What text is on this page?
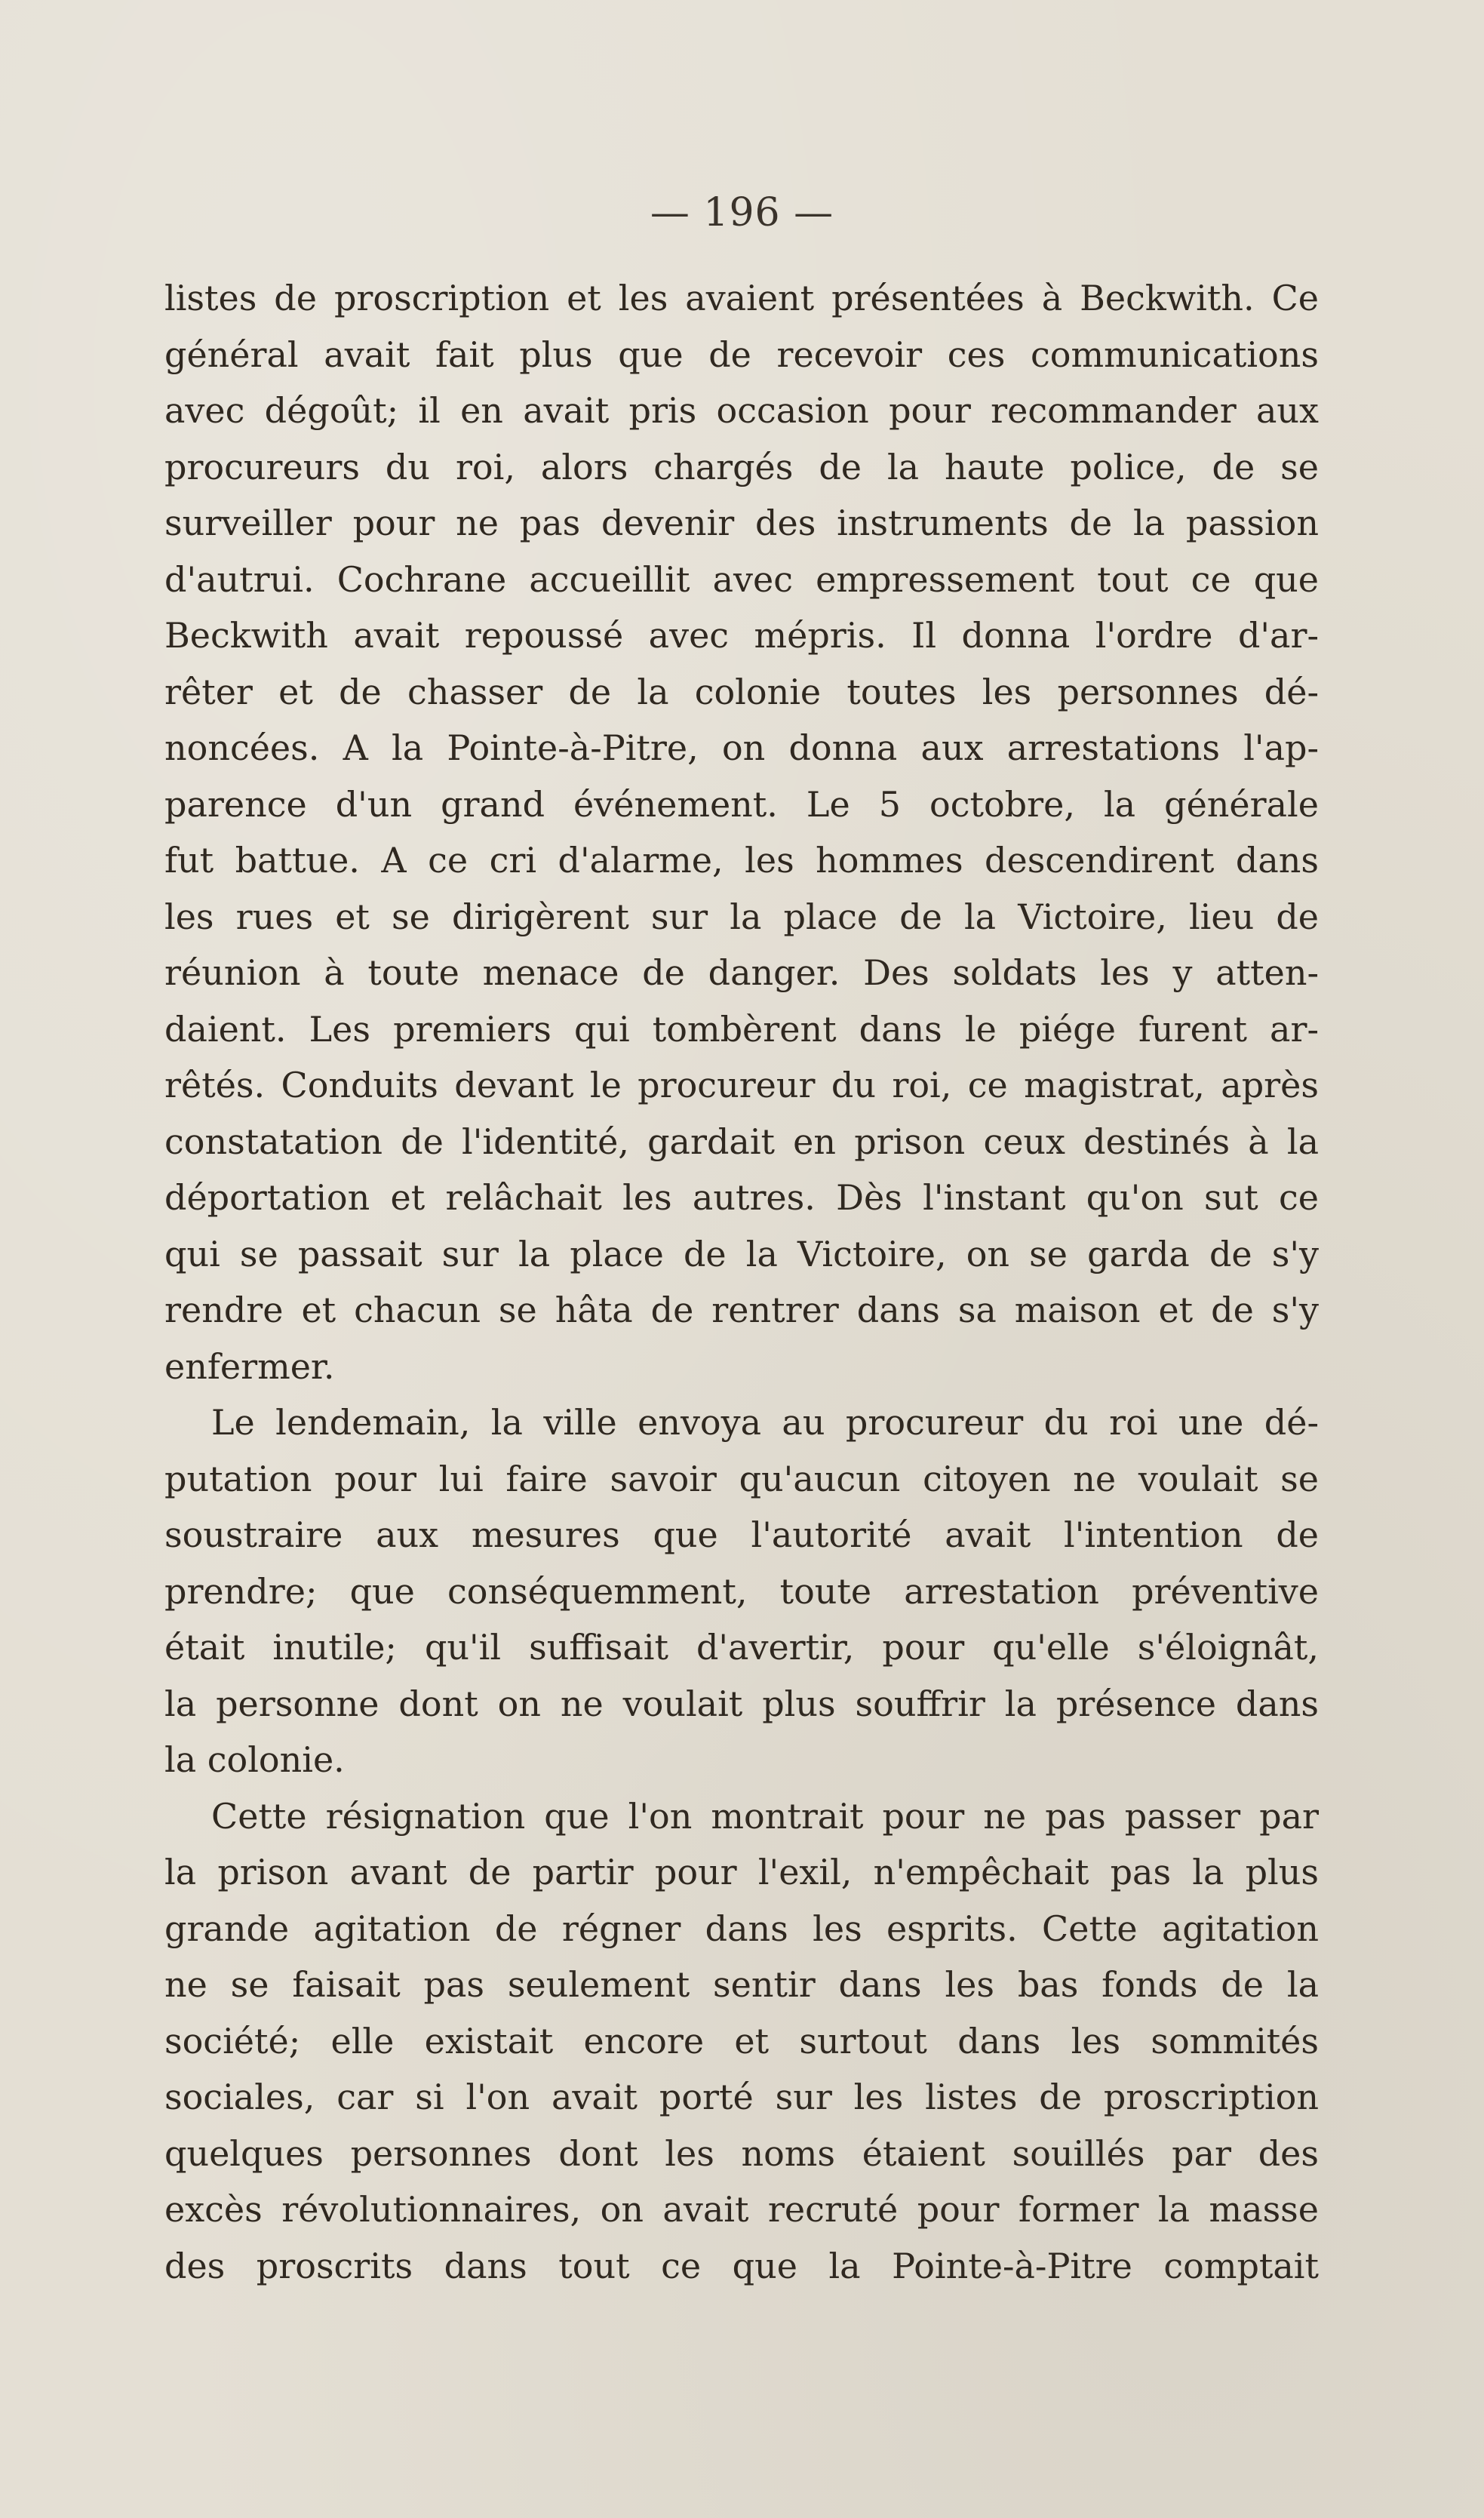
— 196 —
listes de proscription et les avaient présentées à Beckwith. Ce
général avait fait plus que de recevoir ces communications
avec dégoût; il en avait pris occasion pour recommander aux
procureurs du roi, alors chargés de la haute police, de se
surveiller pour ne pas devenir des instruments de la passion
d'autrui. Cochrane accueillit avec empressement tout ce que
Beckwith avait repoussé avec mépris. Il donna l'ordre d'ar-
rêter et de chasser de la colonie toutes les personnes dé-
noncées. A la Pointe-à-Pitre, on donna aux arrestations l'ap-
parence d'un grand événement. Le 5 octobre, la générale
fut battue. A ce cri d'alarme, les hommes descendirent dans
les rues et se dirigèrent sur la place de la Victoire, lieu de
réunion à toute menace de danger. Des soldats les y atten-
daient. Les premiers qui tombèrent dans le piége furent ar-
rêtés. Conduits devant le procureur du roi, ce magistrat, après
constatation de l'identité, gardait en prison ceux destinés à la
déportation et relâchait les autres. Dès l'instant qu'on sut ce
qui se passait sur la place de la Victoire, on se garda de s'y
rendre et chacun se hâta de rentrer dans sa maison et de s'y
enfermer.
Le lendemain, la ville envoya au procureur du roi une dé-
putation pour lui faire savoir qu'aucun citoyen ne voulait se
soustraire aux mesures que l'autorité avait l'intention de
prendre; que conséquemment, toute arrestation préventive
était inutile; qu'il suffisait d'avertir, pour qu'elle s'éloignât,
la personne dont on ne voulait plus souffrir la présence dans
la colonie.
Cette résignation que l'on montrait pour ne pas passer par
la prison avant de partir pour l'exil, n'empêchait pas la plus
grande agitation de régner dans les esprits. Cette agitation
ne se faisait pas seulement sentir dans les bas fonds de la
société; elle existait encore et surtout dans les sommités
sociales, car si l'on avait porté sur les listes de proscription
quelques personnes dont les noms étaient souillés par des
excès révolutionnaires, on avait recruté pour former la masse
des proscrits dans tout ce que la Pointe-à-Pitre comptait
